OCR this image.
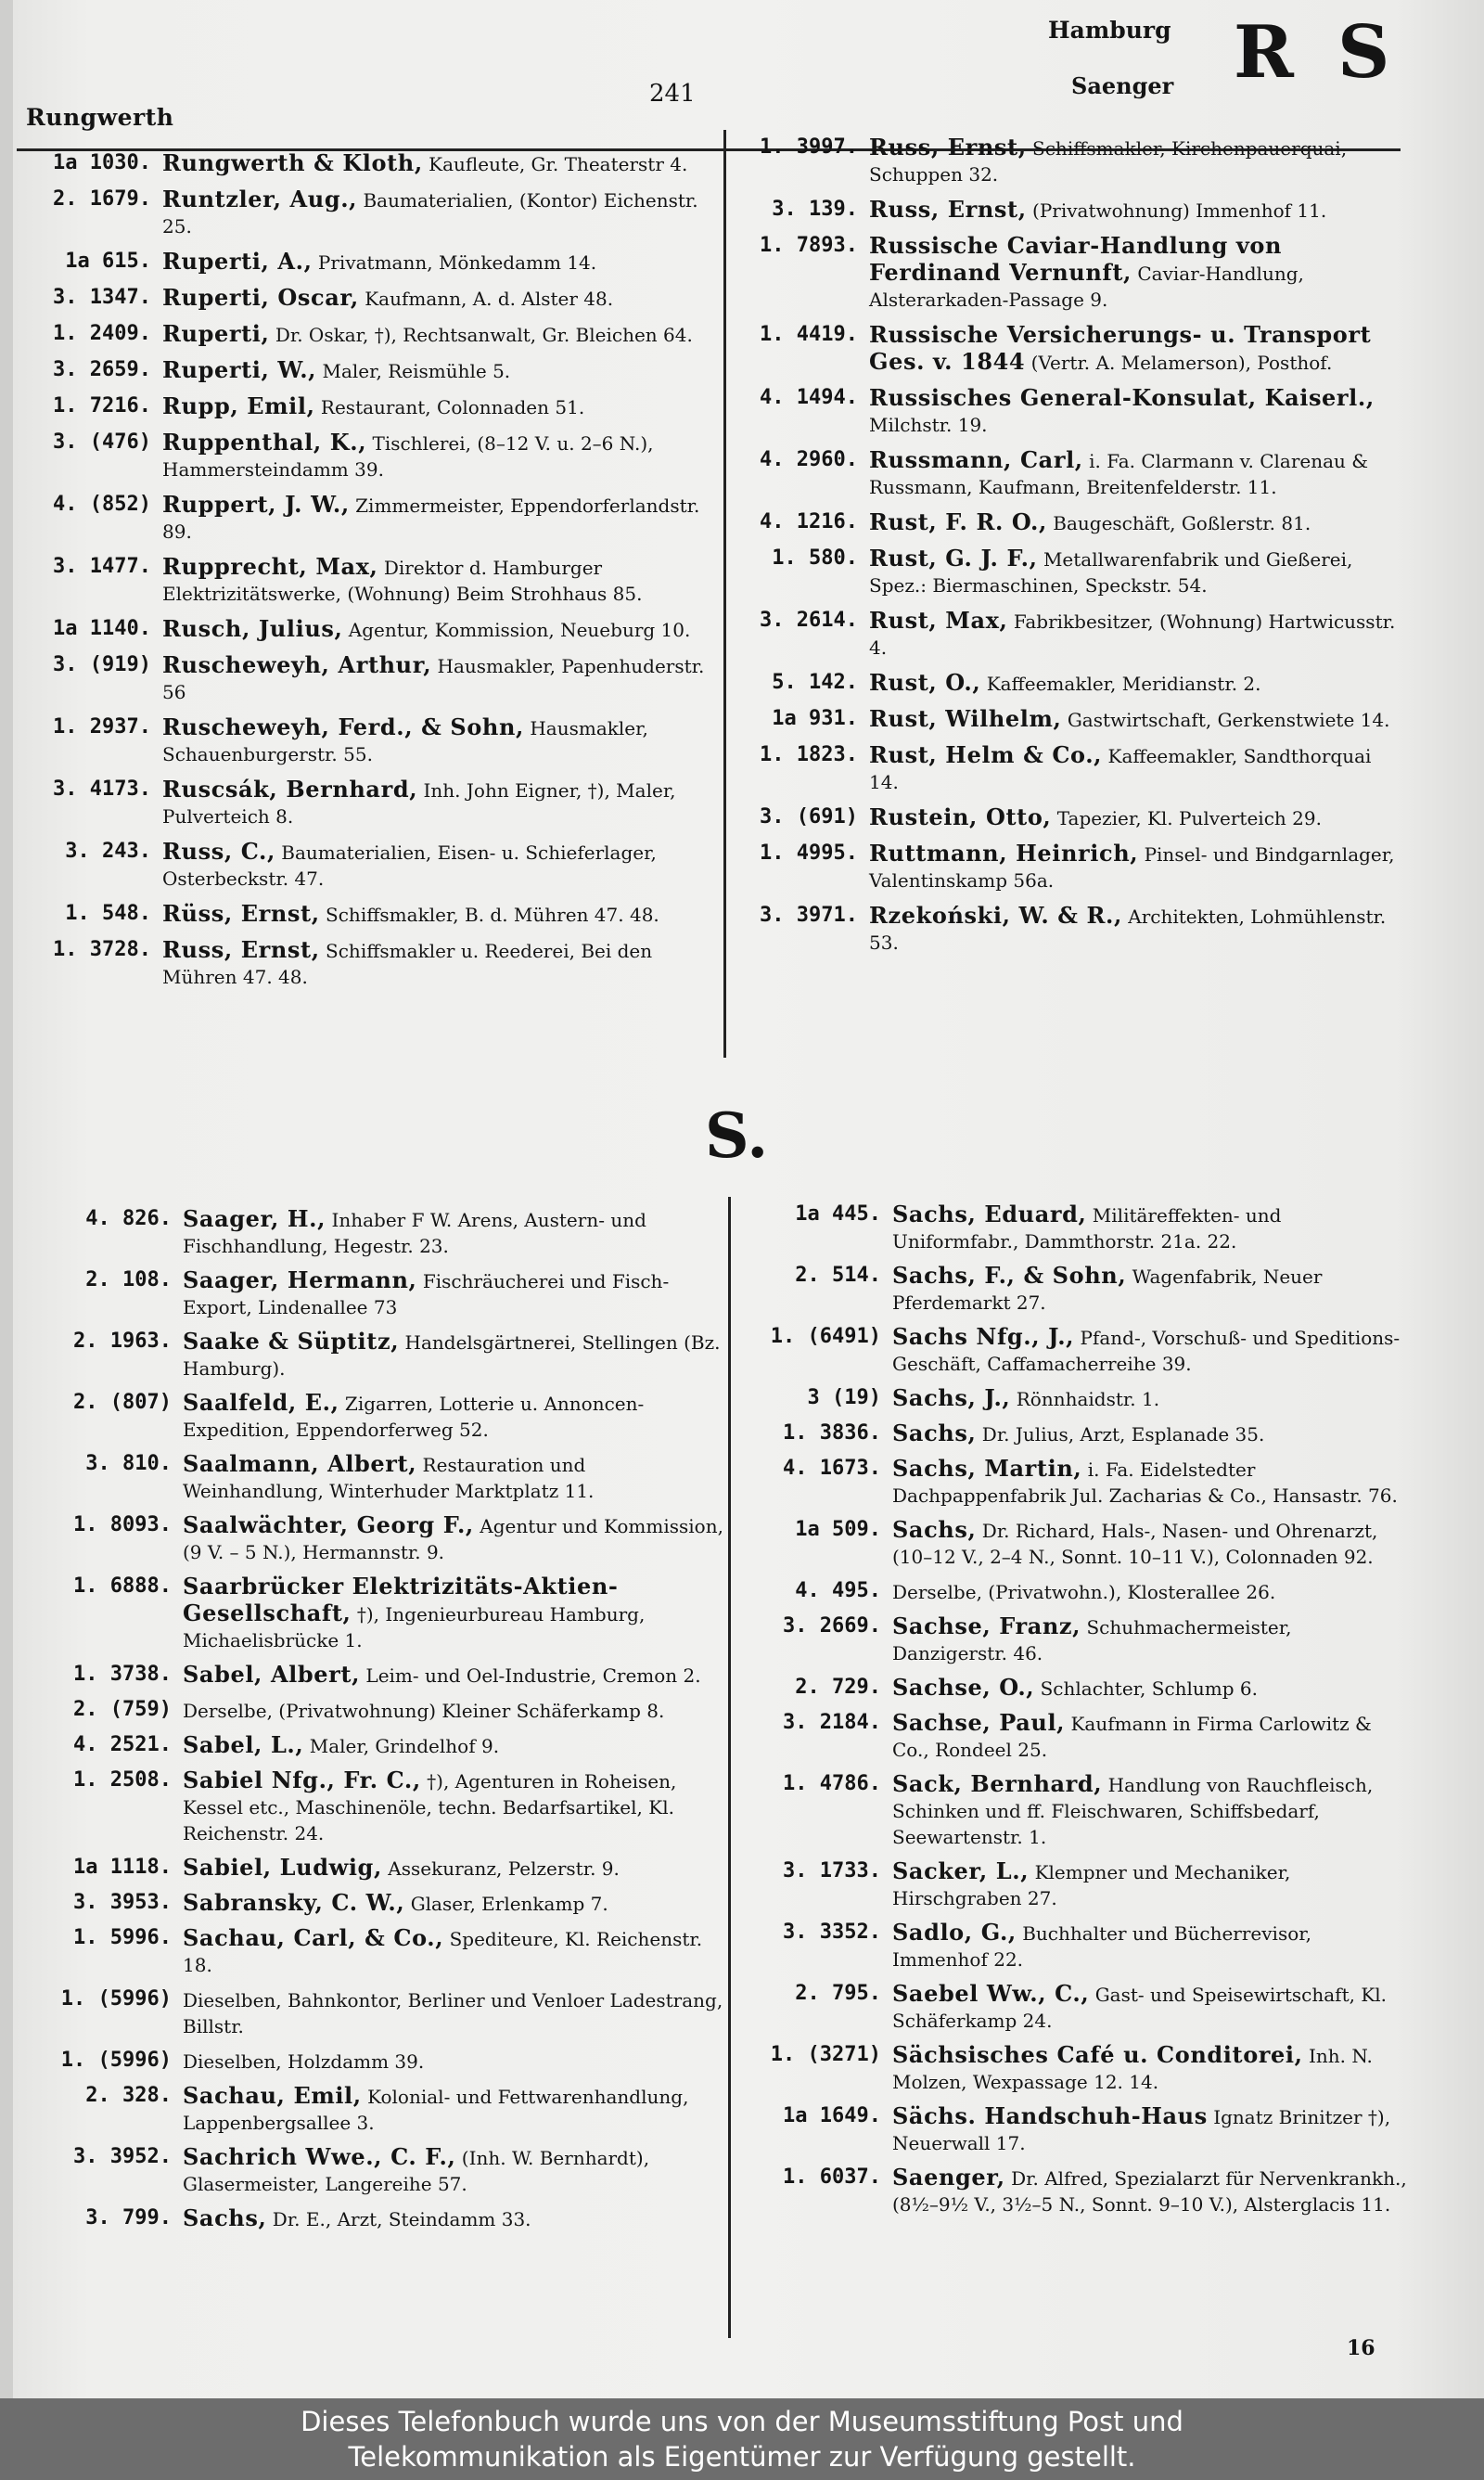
Rungwerth
241
Hamburg
Saenger R S
1a 1030. Rungwerth & Kloth, Kaufleute, Gr. Theaterstr 4.
2. 1679. Runtzler, Aug., Baumaterialien, (Kontor) Eichenstr. 25.
1a 615. Ruperti, A., Privatmann, Mönkedamm 14.
3. 1347. Ruperti, Oscar, Kaufmann, A. d. Alster 48.
1. 2409. Ruperti, Dr. Oskar, †), Rechtsanwalt, Gr. Bleichen 64.
3. 2659. Ruperti, W., Maler, Reismühle 5.
1. 7216. Rupp, Emil, Restaurant, Colonnaden 51.
3. (476) Ruppenthal, K., Tischlerei, (8–12 V. u. 2–6 N.), Hammersteindamm 39.
4. (852) Ruppert, J. W., Zimmermeister, Eppendorferlandstr. 89.
3. 1477. Rupprecht, Max, Direktor d. Hamburger Elektrizitätswerke, (Wohnung) Beim Strohhaus 85.
1a 1140. Rusch, Julius, Agentur, Kommission, Neueburg 10.
3. (919) Ruscheweyh, Arthur, Hausmakler, Papenhuderstr. 56
1. 2937. Ruscheweyh, Ferd., & Sohn, Hausmakler, Schauenburgerstr. 55.
3. 4173. Ruscsák, Bernhard, Inh. John Eigner, †), Maler, Pulverteich 8.
3. 243. Russ, C., Baumaterialien, Eisen- u. Schieferlager, Osterbeckstr. 47.
1. 548. Rüss, Ernst, Schiffsmakler, B. d. Mühren 47. 48.
1. 3728. Russ, Ernst, Schiffsmakler u. Reederei, Bei den Mühren 47. 48.
1. 3997. Russ, Ernst, Schiffsmakler, Kirchenpauerquai, Schuppen 32.
3. 139. Russ, Ernst, (Privatwohnung) Immenhof 11.
1. 7893. Russische Caviar-Handlung von Ferdinand Vernunft, Caviar-Handlung, Alsterarkaden-Passage 9.
1. 4419. Russische Versicherungs- u. Transport Ges. v. 1844 (Vertr. A. Melamerson), Posthof.
4. 1494. Russisches General-Konsulat, Kaiserl., Milchstr. 19.
4. 2960. Russmann, Carl, i. Fa. Clarmann v. Clarenau & Russmann, Kaufmann, Breitenfelderstr. 11.
4. 1216. Rust, F. R. O., Baugeschäft, Goßlerstr. 81.
1. 580. Rust, G. J. F., Metallwarenfabrik und Gießerei, Spez.: Biermaschinen, Speckstr. 54.
3. 2614. Rust, Max, Fabrikbesitzer, (Wohnung) Hartwicusstr. 4.
5. 142. Rust, O., Kaffeemakler, Meridianstr. 2.
1a 931. Rust, Wilhelm, Gastwirtschaft, Gerkenstwiete 14.
1. 1823. Rust, Helm & Co., Kaffeemakler, Sandthorquai 14.
3. (691) Rustein, Otto, Tapezier, Kl. Pulverteich 29.
1. 4995. Ruttmann, Heinrich, Pinsel- und Bindgarnlager, Valentinskamp 56a.
3. 3971. Rzekoński, W. & R., Architekten, Lohmühlenstr. 53.
S.
4. 826. Saager, H., Inhaber F W. Arens, Austern- und Fischhandlung, Hegestr. 23.
2. 108. Saager, Hermann, Fischräucherei und Fisch-Export, Lindenallee 73
2. 1963. Saake & Süptitz, Handelsgärtnerei, Stellingen (Bz. Hamburg).
2. (807) Saalfeld, E., Zigarren, Lotterie u. Annoncen-Expedition, Eppendorferweg 52.
3. 810. Saalmann, Albert, Restauration und Weinhandlung, Winterhuder Marktplatz 11.
1. 8093. Saalwächter, Georg F., Agentur und Kommission, (9 V. – 5 N.), Hermannstr. 9.
1. 6888. Saarbrücker Elektrizitäts-Aktien-Gesellschaft, †), Ingenieurbureau Hamburg, Michaelisbrücke 1.
1. 3738. Sabel, Albert, Leim- und Oel-Industrie, Cremon 2.
2. (759) Derselbe, (Privatwohnung) Kleiner Schäferkamp 8.
4. 2521. Sabel, L., Maler, Grindelhof 9.
1. 2508. Sabiel Nfg., Fr. C., †), Agenturen in Roheisen, Kessel etc., Maschinenöle, techn. Bedarfsartikel, Kl. Reichenstr. 24.
1a 1118. Sabiel, Ludwig, Assekuranz, Pelzerstr. 9.
3. 3953. Sabransky, C. W., Glaser, Erlenkamp 7.
1. 5996. Sachau, Carl, & Co., Spediteure, Kl. Reichenstr. 18.
1. (5996) Dieselben, Bahnkontor, Berliner und Venloer Ladestrang, Billstr.
1. (5996) Dieselben, Holzdamm 39.
2. 328. Sachau, Emil, Kolonial- und Fettwarenhandlung, Lappenbergsallee 3.
3. 3952. Sachrich Wwe., C. F., (Inh. W. Bernhardt), Glasermeister, Langereihe 57.
3. 799. Sachs, Dr. E., Arzt, Steindamm 33.
1a 445. Sachs, Eduard, Militäreffekten- und Uniformfabr., Dammthorstr. 21a. 22.
2. 514. Sachs, F., & Sohn, Wagenfabrik, Neuer Pferdemarkt 27.
1. (6491) Sachs Nfg., J., Pfand-, Vorschuß- und Speditions-Geschäft, Caffamacherreihe 39.
3 (19) Sachs, J., Rönnhaidstr. 1.
1. 3836. Sachs, Dr. Julius, Arzt, Esplanade 35.
4. 1673. Sachs, Martin, i. Fa. Eidelstedter Dachpappenfabrik Jul. Zacharias & Co., Hansastr. 76.
1a 509. Sachs, Dr. Richard, Hals-, Nasen- und Ohrenarzt, (10–12 V., 2–4 N., Sonnt. 10–11 V.), Colonnaden 92.
4. 495. Derselbe, (Privatwohn.), Klosterallee 26.
3. 2669. Sachse, Franz, Schuhmachermeister, Danzigerstr. 46.
2. 729. Sachse, O., Schlachter, Schlump 6.
3. 2184. Sachse, Paul, Kaufmann in Firma Carlowitz & Co., Rondeel 25.
1. 4786. Sack, Bernhard, Handlung von Rauchfleisch, Schinken und ff. Fleischwaren, Schiffsbedarf, Seewartenstr. 1.
3. 1733. Sacker, L., Klempner und Mechaniker, Hirschgraben 27.
3. 3352. Sadlo, G., Buchhalter und Bücherrevisor, Immenhof 22.
2. 795. Saebel Ww., C., Gast- und Speisewirtschaft, Kl. Schäferkamp 24.
1. (3271) Sächsisches Café u. Conditorei, Inh. N. Molzen, Wexpassage 12. 14.
1a 1649. Sächs. Handschuh-Haus Ignatz Brinitzer †), Neuerwall 17.
1. 6037. Saenger, Dr. Alfred, Spezialarzt für Nervenkrankh., (8½–9½ V., 3½–5 N., Sonnt. 9–10 V.), Alsterglacis 11.
16
Dieses Telefonbuch wurde uns von der Museumsstiftung Post und
Telekommunikation als Eigentümer zur Verfügung gestellt.
